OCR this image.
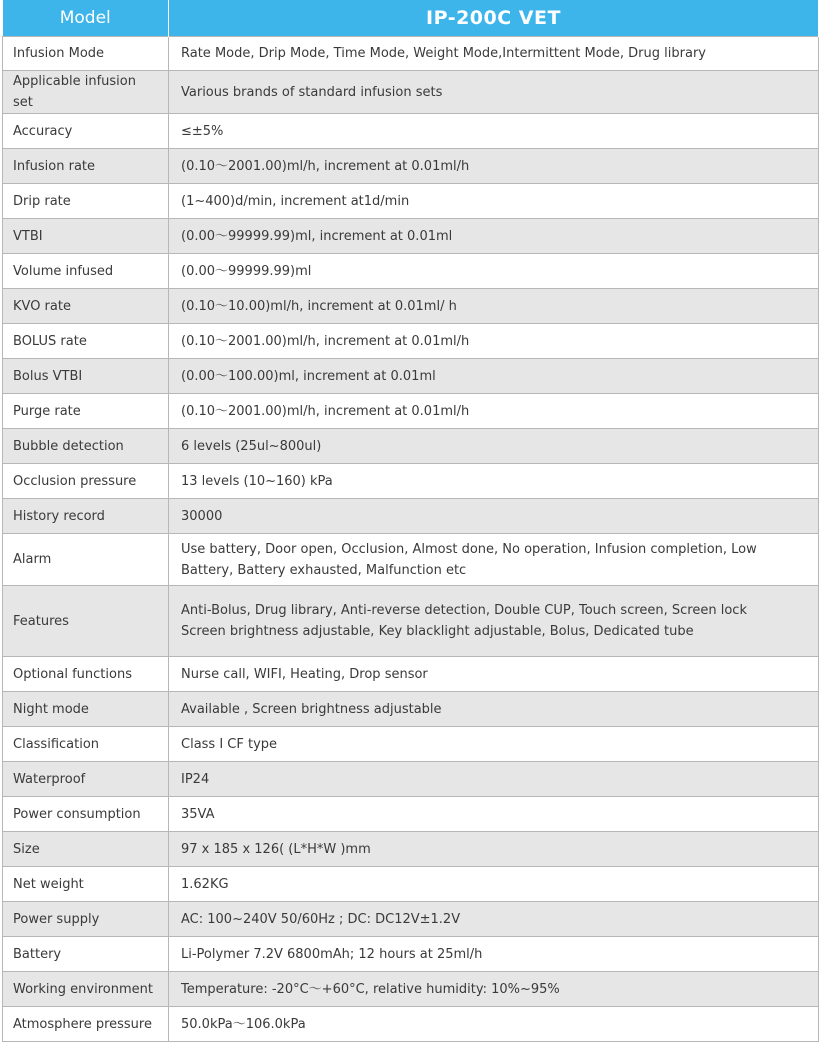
Model	IP-200C VET
Infusion Mode	Rate Mode, Drip Mode, Time Mode, Weight Mode,Intermittent Mode, Drug library
Applicable infusion set	Various brands of standard infusion sets
Accuracy	≤±5%
Infusion rate	(0.10～2001.00)ml/h, increment at 0.01ml/h
Drip rate	(1~400)d/min, increment at1d/min
VTBI	(0.00～99999.99)ml, increment at 0.01ml
Volume infused	(0.00～99999.99)ml
KVO rate	(0.10～10.00)ml/h, increment at 0.01ml/ h
BOLUS rate	(0.10～2001.00)ml/h, increment at 0.01ml/h
Bolus VTBI	(0.00～100.00)ml, increment at 0.01ml
Purge rate	(0.10～2001.00)ml/h, increment at 0.01ml/h
Bubble detection	6 levels (25ul~800ul)
Occlusion pressure	13 levels (10~160) kPa
History record	30000
Alarm	Use battery, Door open, Occlusion, Almost done, No operation, Infusion completion, Low
Battery, Battery exhausted, Malfunction etc
Features	Anti-Bolus, Drug library, Anti-reverse detection, Double CUP, Touch screen, Screen lock
Screen brightness adjustable, Key blacklight adjustable, Bolus, Dedicated tube
Optional functions	Nurse call, WIFI, Heating, Drop sensor
Night mode	Available , Screen brightness adjustable
Classification	Class I CF type
Waterproof	IP24
Power consumption	35VA
Size	97 x 185 x 126( (L*H*W )mm
Net weight	1.62KG
Power supply	AC: 100~240V 50/60Hz ; DC: DC12V±1.2V
Battery	Li-Polymer 7.2V 6800mAh; 12 hours at 25ml/h
Working environment	Temperature: -20°C～+60°C, relative humidity: 10%~95%
Atmosphere pressure	50.0kPa～106.0kPa
